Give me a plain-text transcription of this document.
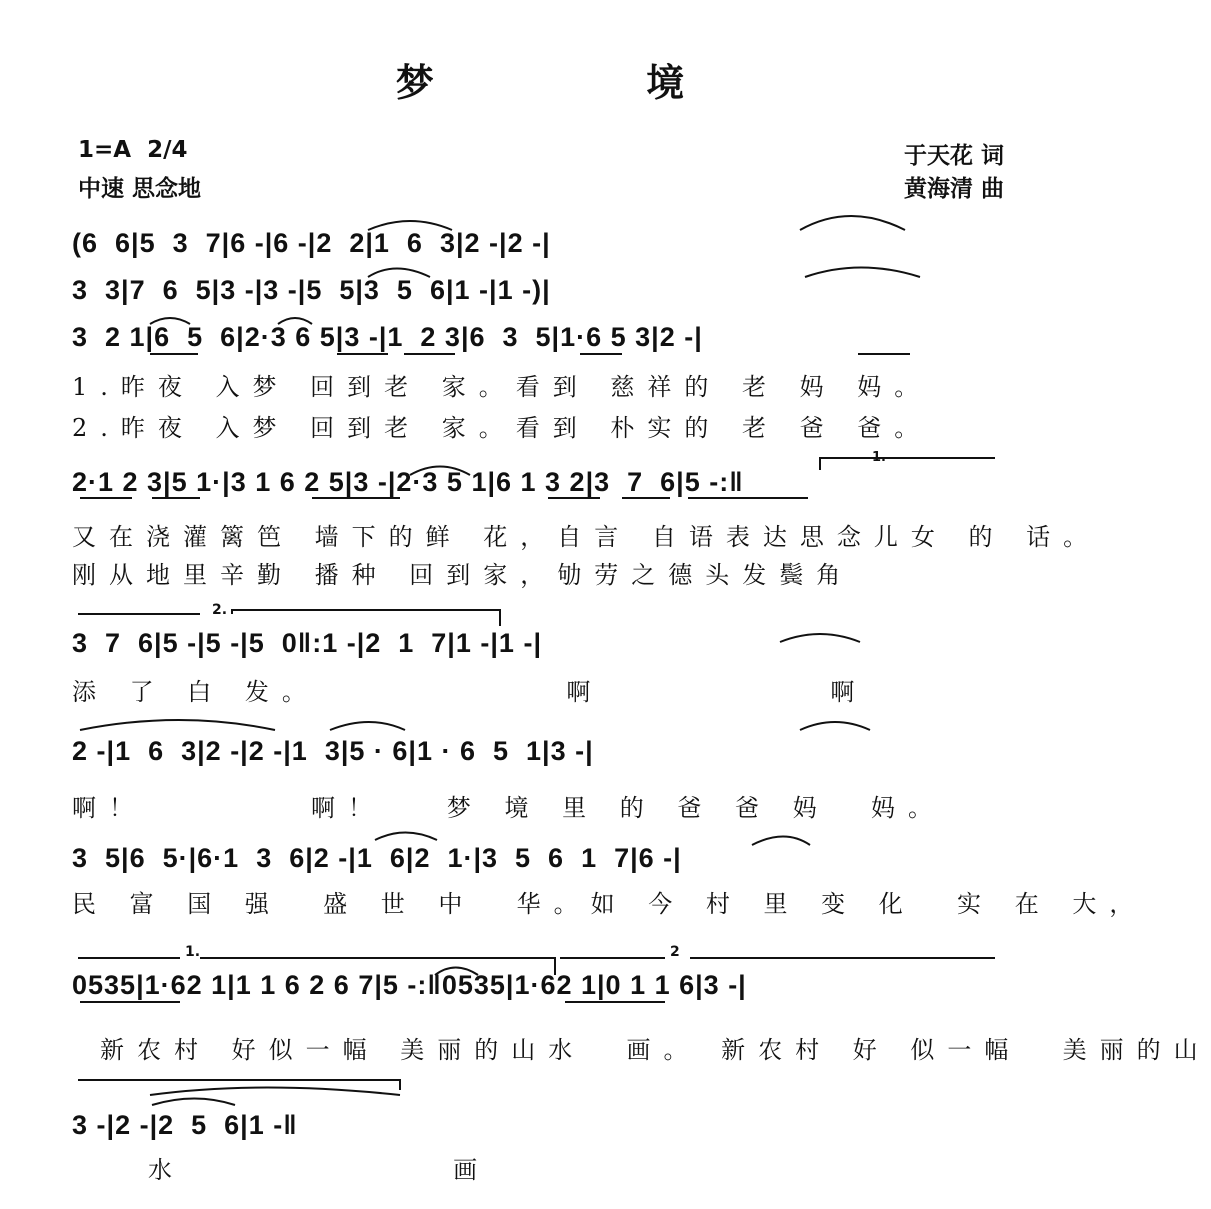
梦  境
1=A  2/4
中速 思念地
于天花 词
黄海清 曲
(6  6|5  3  7|6 -|6 -|2  2|1  6  3|2 -|2 -|
3  3|7  6  5|3 -|3 -|5  5|3  5  6|1 -|1 -)|
3  2 1|6  5  6|2·3 6 5|3 -|1  2 3|6  3  5|1·6 5 3|2 -|
1.昨夜 入梦 回到老 家。看到 慈祥的 老 妈 妈。
2.昨夜 入梦 回到老 家。看到 朴实的 老 爸 爸。
2·1 2 3|5 1·|3 1 6 2 5|3 -|2·3 5 1|6 1 3 2|3  7  6|5 -:‖
又在浇灌篱笆 墙下的鲜 花，自言 自语表达思念儿女 的 话。
刚从地里辛勤 播种 回到家，劬劳之德头发鬓角
3  7  6|5 -|5 -|5  0‖:1 -|2  1  7|1 -|1 -|
添 了 白 发。            啊           啊
2 -|1  6  3|2 -|2 -|1  3|5 · 6|1 · 6  5  1|3 -|
啊！        啊！   梦 境 里 的 爸 爸 妈  妈。
3  5|6  5·|6·1  3  6|2 -|1  6|2  1·|3  5  6  1  7|6 -|
民 富 国 强  盛 世 中  华。如 今 村 里 变 化  实 在 大，
0535|1·62 1|1 1 6 2 6 7|5 -:‖0535|1·62 1|0 1 1 6|3 -|
新农村 好似一幅 美丽的山水  画。 新农村 好 似一幅  美丽的山
3 -|2 -|2  5  6|1 -‖
水             画
1.
2.
1.	2
